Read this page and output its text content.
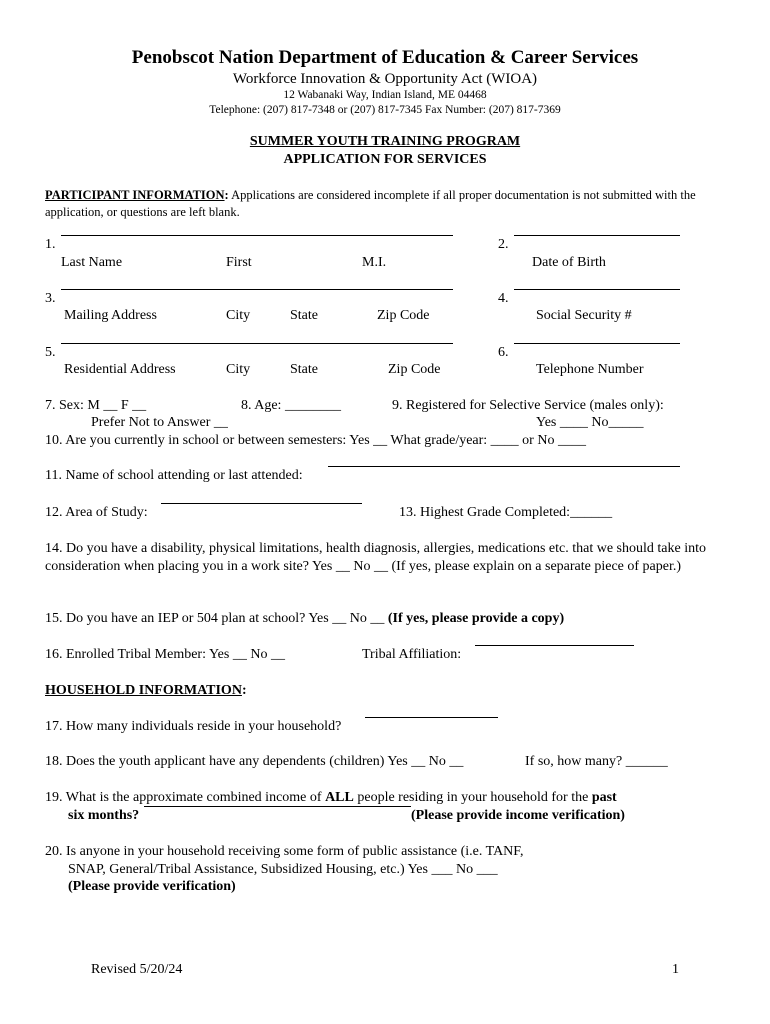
Penobscot Nation Department of Education & Career Services
Workforce Innovation & Opportunity Act (WIOA)
12 Wabanaki Way, Indian Island, ME 04468
Telephone: (207) 817-7348 or (207) 817-7345 Fax Number: (207) 817-7369
SUMMER YOUTH TRAINING PROGRAM
APPLICATION FOR SERVICES
PARTICIPANT INFORMATION: Applications are considered incomplete if all proper documentation is not submitted with the application, or questions are left blank.
1.
Last Name	First	M.I.
2.
Date of Birth
3.
Mailing Address	City	State	Zip Code
4.
Social Security #
5.
Residential Address	City	State	Zip Code
6.
Telephone Number
7. Sex: M __ F __
Prefer Not to Answer __
8. Age: ________	9. Registered for Selective Service (males only):
Yes ____ No_____
10. Are you currently in school or between semesters: Yes __ What grade/year: ____ or No ____
11. Name of school attending or last attended:
12. Area of Study:	13. Highest Grade Completed:______
14. Do you have a disability, physical limitations, health diagnosis, allergies, medications etc. that we should take into consideration when placing you in a work site? Yes __ No __ (If yes, please explain on a separate piece of paper.)
15. Do you have an IEP or 504 plan at school? Yes __ No __ (If yes, please provide a copy)
16. Enrolled Tribal Member: Yes __ No __	Tribal Affiliation:
HOUSEHOLD INFORMATION:
17. How many individuals reside in your household?
18. Does the youth applicant have any dependents (children) Yes __ No __	If so, how many? ______
19. What is the approximate combined income of ALL people residing in your household for the past
six months?	(Please provide income verification)
20. Is anyone in your household receiving some form of public assistance (i.e. TANF,
SNAP, General/Tribal Assistance, Subsidized Housing, etc.) Yes ___ No ___
(Please provide verification)
Revised 5/20/24	1
